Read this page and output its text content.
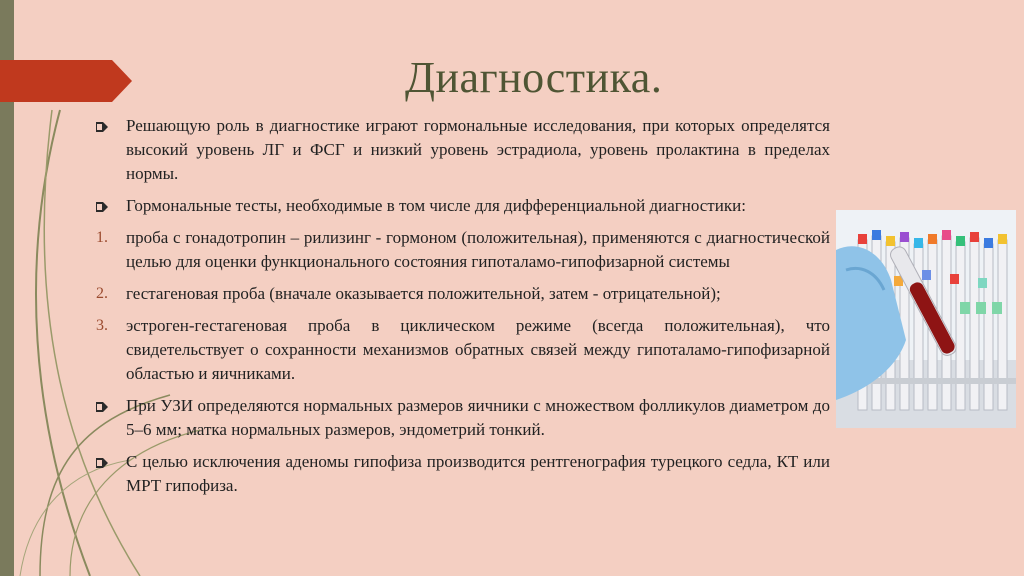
Диагностика.
Решающую роль в диагностике играют гормональные исследования, при которых определятся высокий уровень ЛГ и ФСГ и низкий уровень эстрадиола, уровень пролактина в пределах нормы.
Гормональные тесты, необходимые в том числе для дифференциальной диагностики:
1. проба с гонадотропин – рилизинг - гормоном (положительная), применяются с диагностической целью для оценки функционального состояния гипоталамо-гипофизарной системы
2. гестагеновая проба (вначале оказывается положительной, затем - отрицательной);
3. эстроген-гестагеновая проба в циклическом режиме (всегда положительная), что свидетельствует о сохранности механизмов обратных связей между гипоталамо-гипофизарной областью и яичниками.
При УЗИ определяются нормальных размеров яичники с множеством фолликулов диаметром до 5–6 мм; матка нормальных размеров, эндометрий тонкий.
С целью исключения аденомы гипофиза производится рентгенография турецкого седла, КТ или МРТ гипофиза.
